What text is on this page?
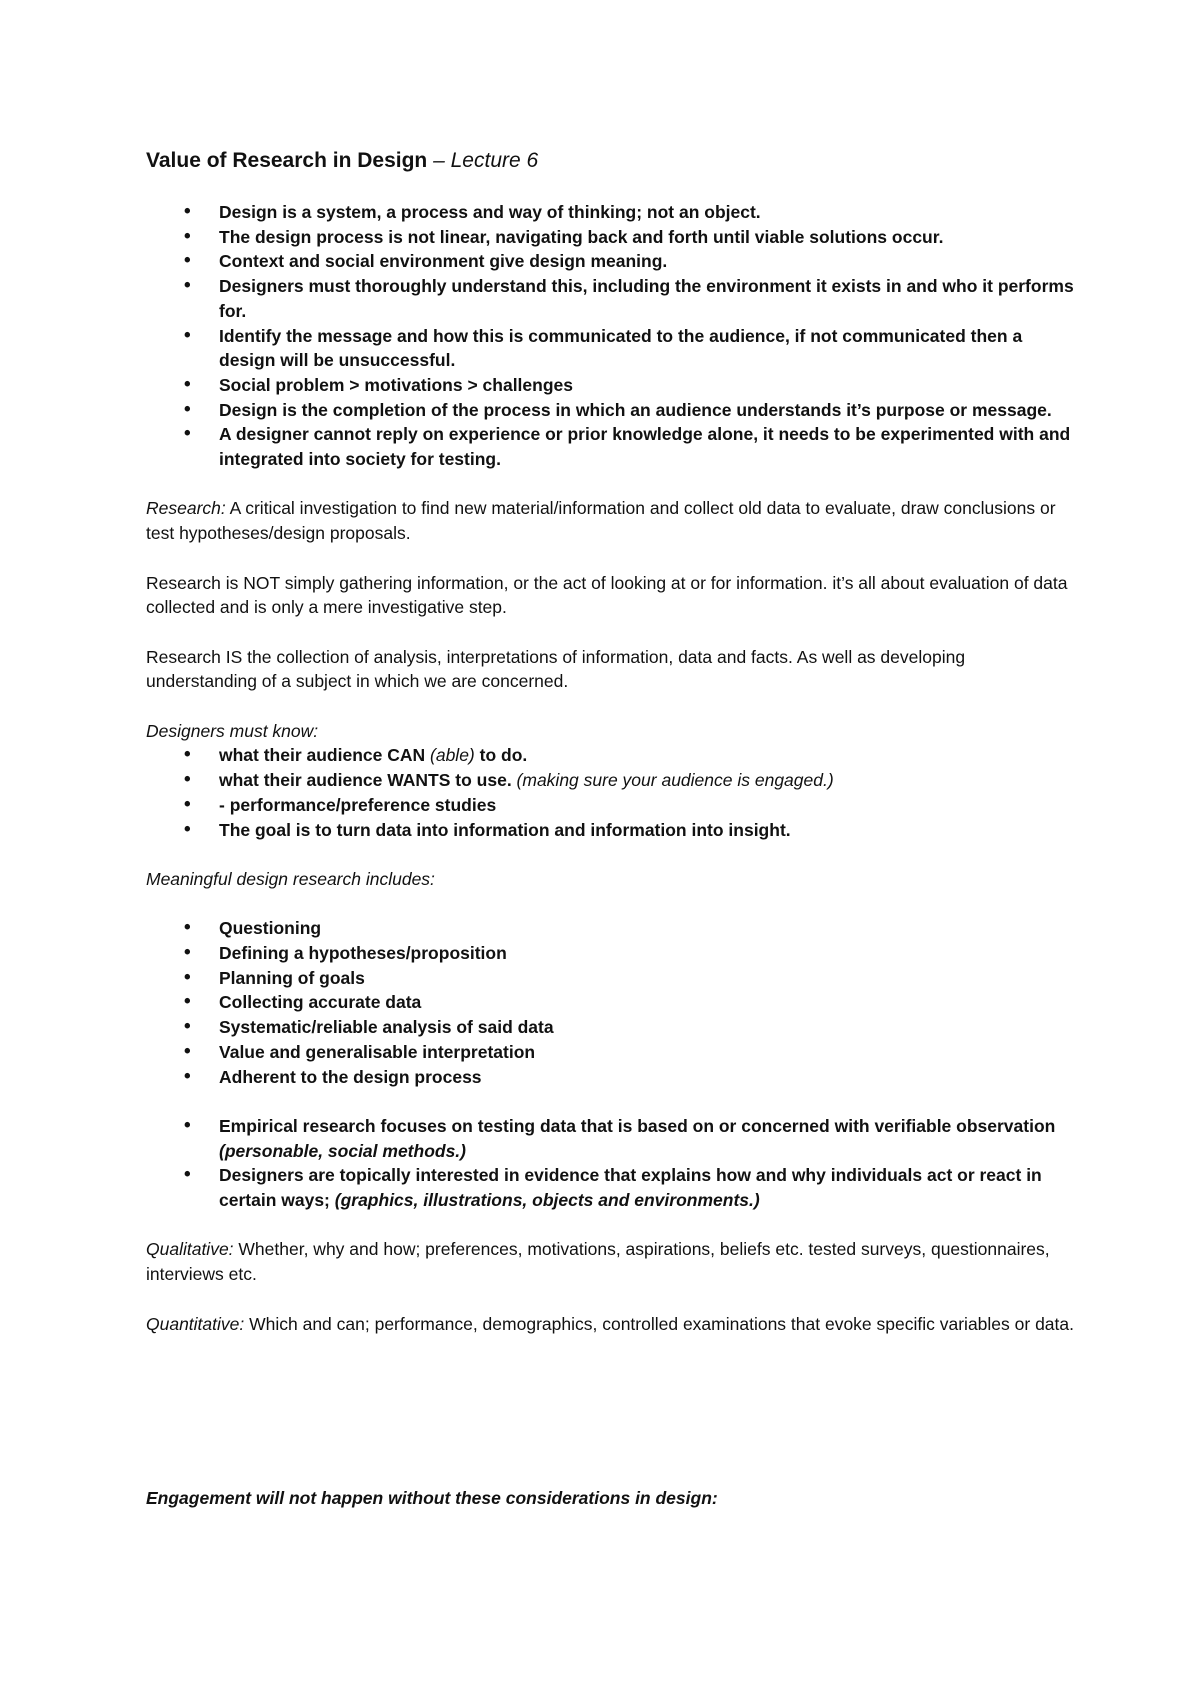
Value of Research in Design – Lecture 6
• Design is a system, a process and way of thinking; not an object.
• The design process is not linear, navigating back and forth until viable solutions occur.
• Context and social environment give design meaning.
• Designers must thoroughly understand this, including the environment it exists in and who it performs for.
• Identify the message and how this is communicated to the audience, if not communicated then a design will be unsuccessful.
• Social problem > motivations > challenges
• Design is the completion of the process in which an audience understands it’s purpose or message.
• A designer cannot reply on experience or prior knowledge alone, it needs to be experimented with and integrated into society for testing.

Research: A critical investigation to find new material/information and collect old data to evaluate, draw conclusions or test hypotheses/design proposals.

Research is NOT simply gathering information, or the act of looking at or for information. it’s all about evaluation of data collected and is only a mere investigative step.

Research IS the collection of analysis, interpretations of information, data and facts. As well as developing understanding of a subject in which we are concerned.

Designers must know:

• what their audience CAN (able) to do.
• what their audience WANTS to use. (making sure your audience is engaged.)
• - performance/preference studies
• The goal is to turn data into information and information into insight.

Meaningful design research includes:

• Questioning
• Defining a hypotheses/proposition
• Planning of goals
• Collecting accurate data
• Systematic/reliable analysis of said data
• Value and generalisable interpretation
• Adherent to the design process
• Empirical research focuses on testing data that is based on or concerned with verifiable observation (personable, social methods.)
• Designers are topically interested in evidence that explains how and why individuals act or react in certain ways; (graphics, illustrations, objects and environments.)

Qualitative: Whether, why and how; preferences, motivations, aspirations, beliefs etc. tested surveys, questionnaires, interviews etc.

Quantitative: Which and can; performance, demographics, controlled examinations that evoke specific variables or data.

Engagement will not happen without these considerations in design:
